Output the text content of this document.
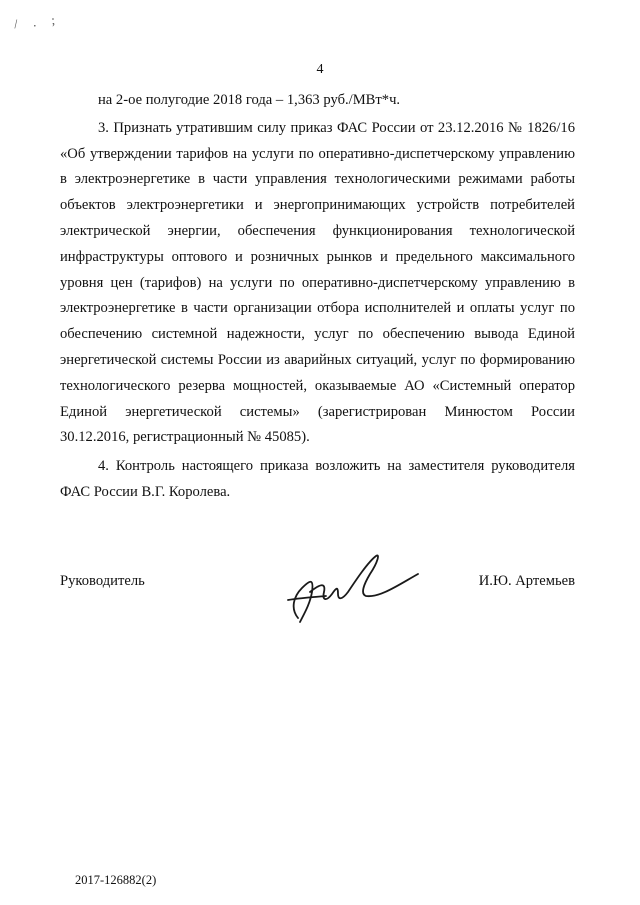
/ . ;
4

на 2-ое полугодие 2018 года – 1,363 руб./МВт*ч.

3. Признать утратившим силу приказ ФАС России от 23.12.2016 № 1826/16 «Об утверждении тарифов на услуги по оперативно-диспетчерскому управлению в электроэнергетике в части управления технологическими режимами работы объектов электроэнергетики и энергопринимающих устройств потребителей электрической энергии, обеспечения функционирования технологической инфраструктуры оптового и розничных рынков и предельного максимального уровня цен (тарифов) на услуги по оперативно-диспетчерскому управлению в электроэнергетике в части организации отбора исполнителей и оплаты услуг по обеспечению системной надежности, услуг по обеспечению вывода Единой энергетической системы России из аварийных ситуаций, услуг по формированию технологического резерва мощностей, оказываемые АО «Системный оператор Единой энергетической системы» (зарегистрирован Минюстом России 30.12.2016, регистрационный № 45085).

4. Контроль настоящего приказа возложить на заместителя руководителя ФАС России В.Г. Королева.

Руководитель	И.Ю. Артемьев
2017-126882(2)
